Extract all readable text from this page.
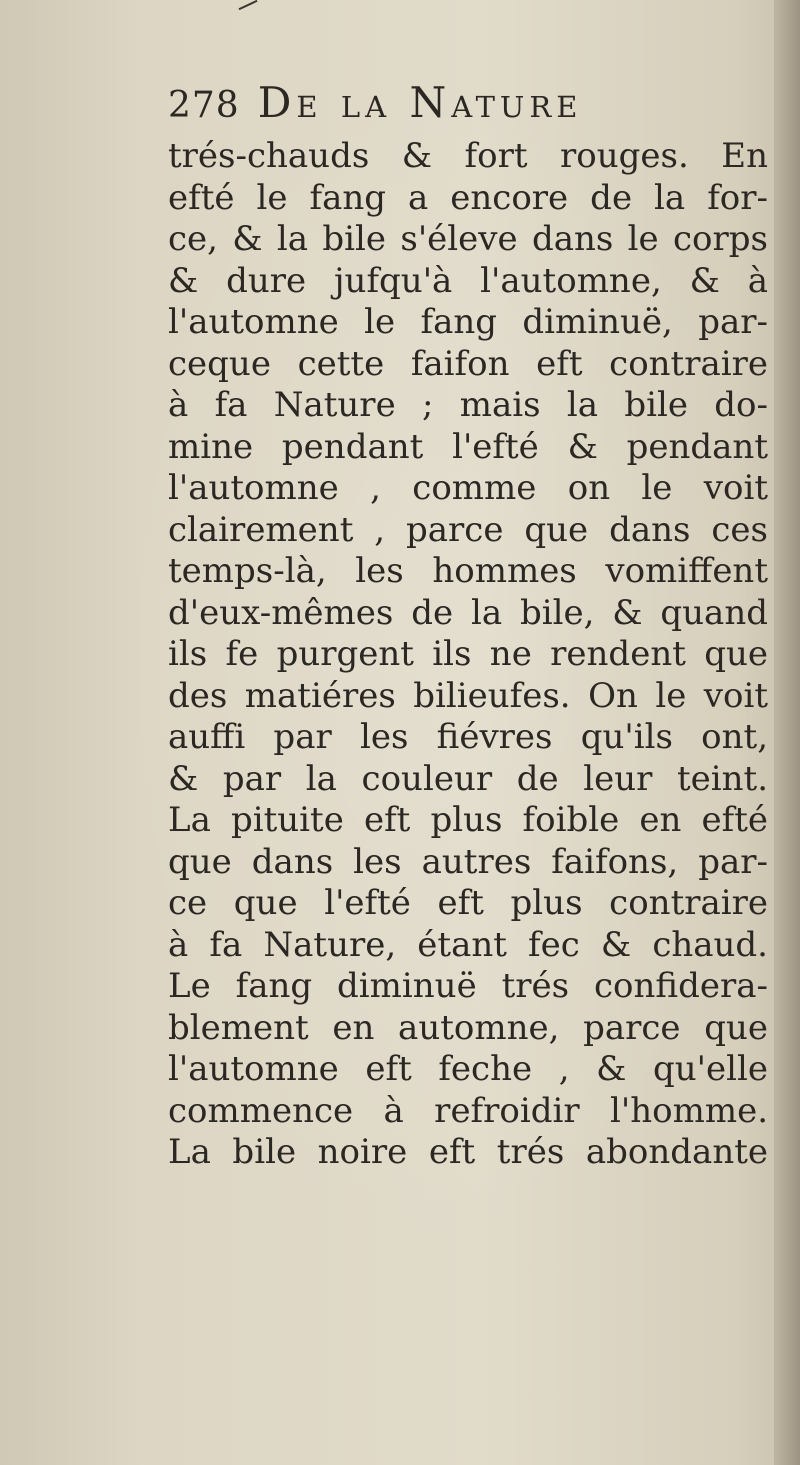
278 De la Nature
trés-chauds & fort rouges. En
efté le fang a encore de la for-
ce, & la bile s'éleve dans le corps
& dure jufqu'à l'automne, & à
l'automne le fang diminuë, par-
ceque cette faifon eft contraire
à fa Nature ; mais la bile do-
mine pendant l'efté & pendant
l'automne , comme on le voit
clairement , parce que dans ces
temps-là, les hommes vomiffent
d'eux-mêmes de la bile, & quand
ils fe purgent ils ne rendent que
des matiéres bilieufes. On le voit
auffi par les fiévres qu'ils ont,
& par la couleur de leur teint.
La pituite eft plus foible en efté
que dans les autres faifons, par-
ce que l'efté eft plus contraire
à fa Nature, étant fec & chaud.
Le fang diminuë trés confidera-
blement en automne, parce que
l'automne eft feche , & qu'elle
commence à refroidir l'homme.
La bile noire eft trés abondante
